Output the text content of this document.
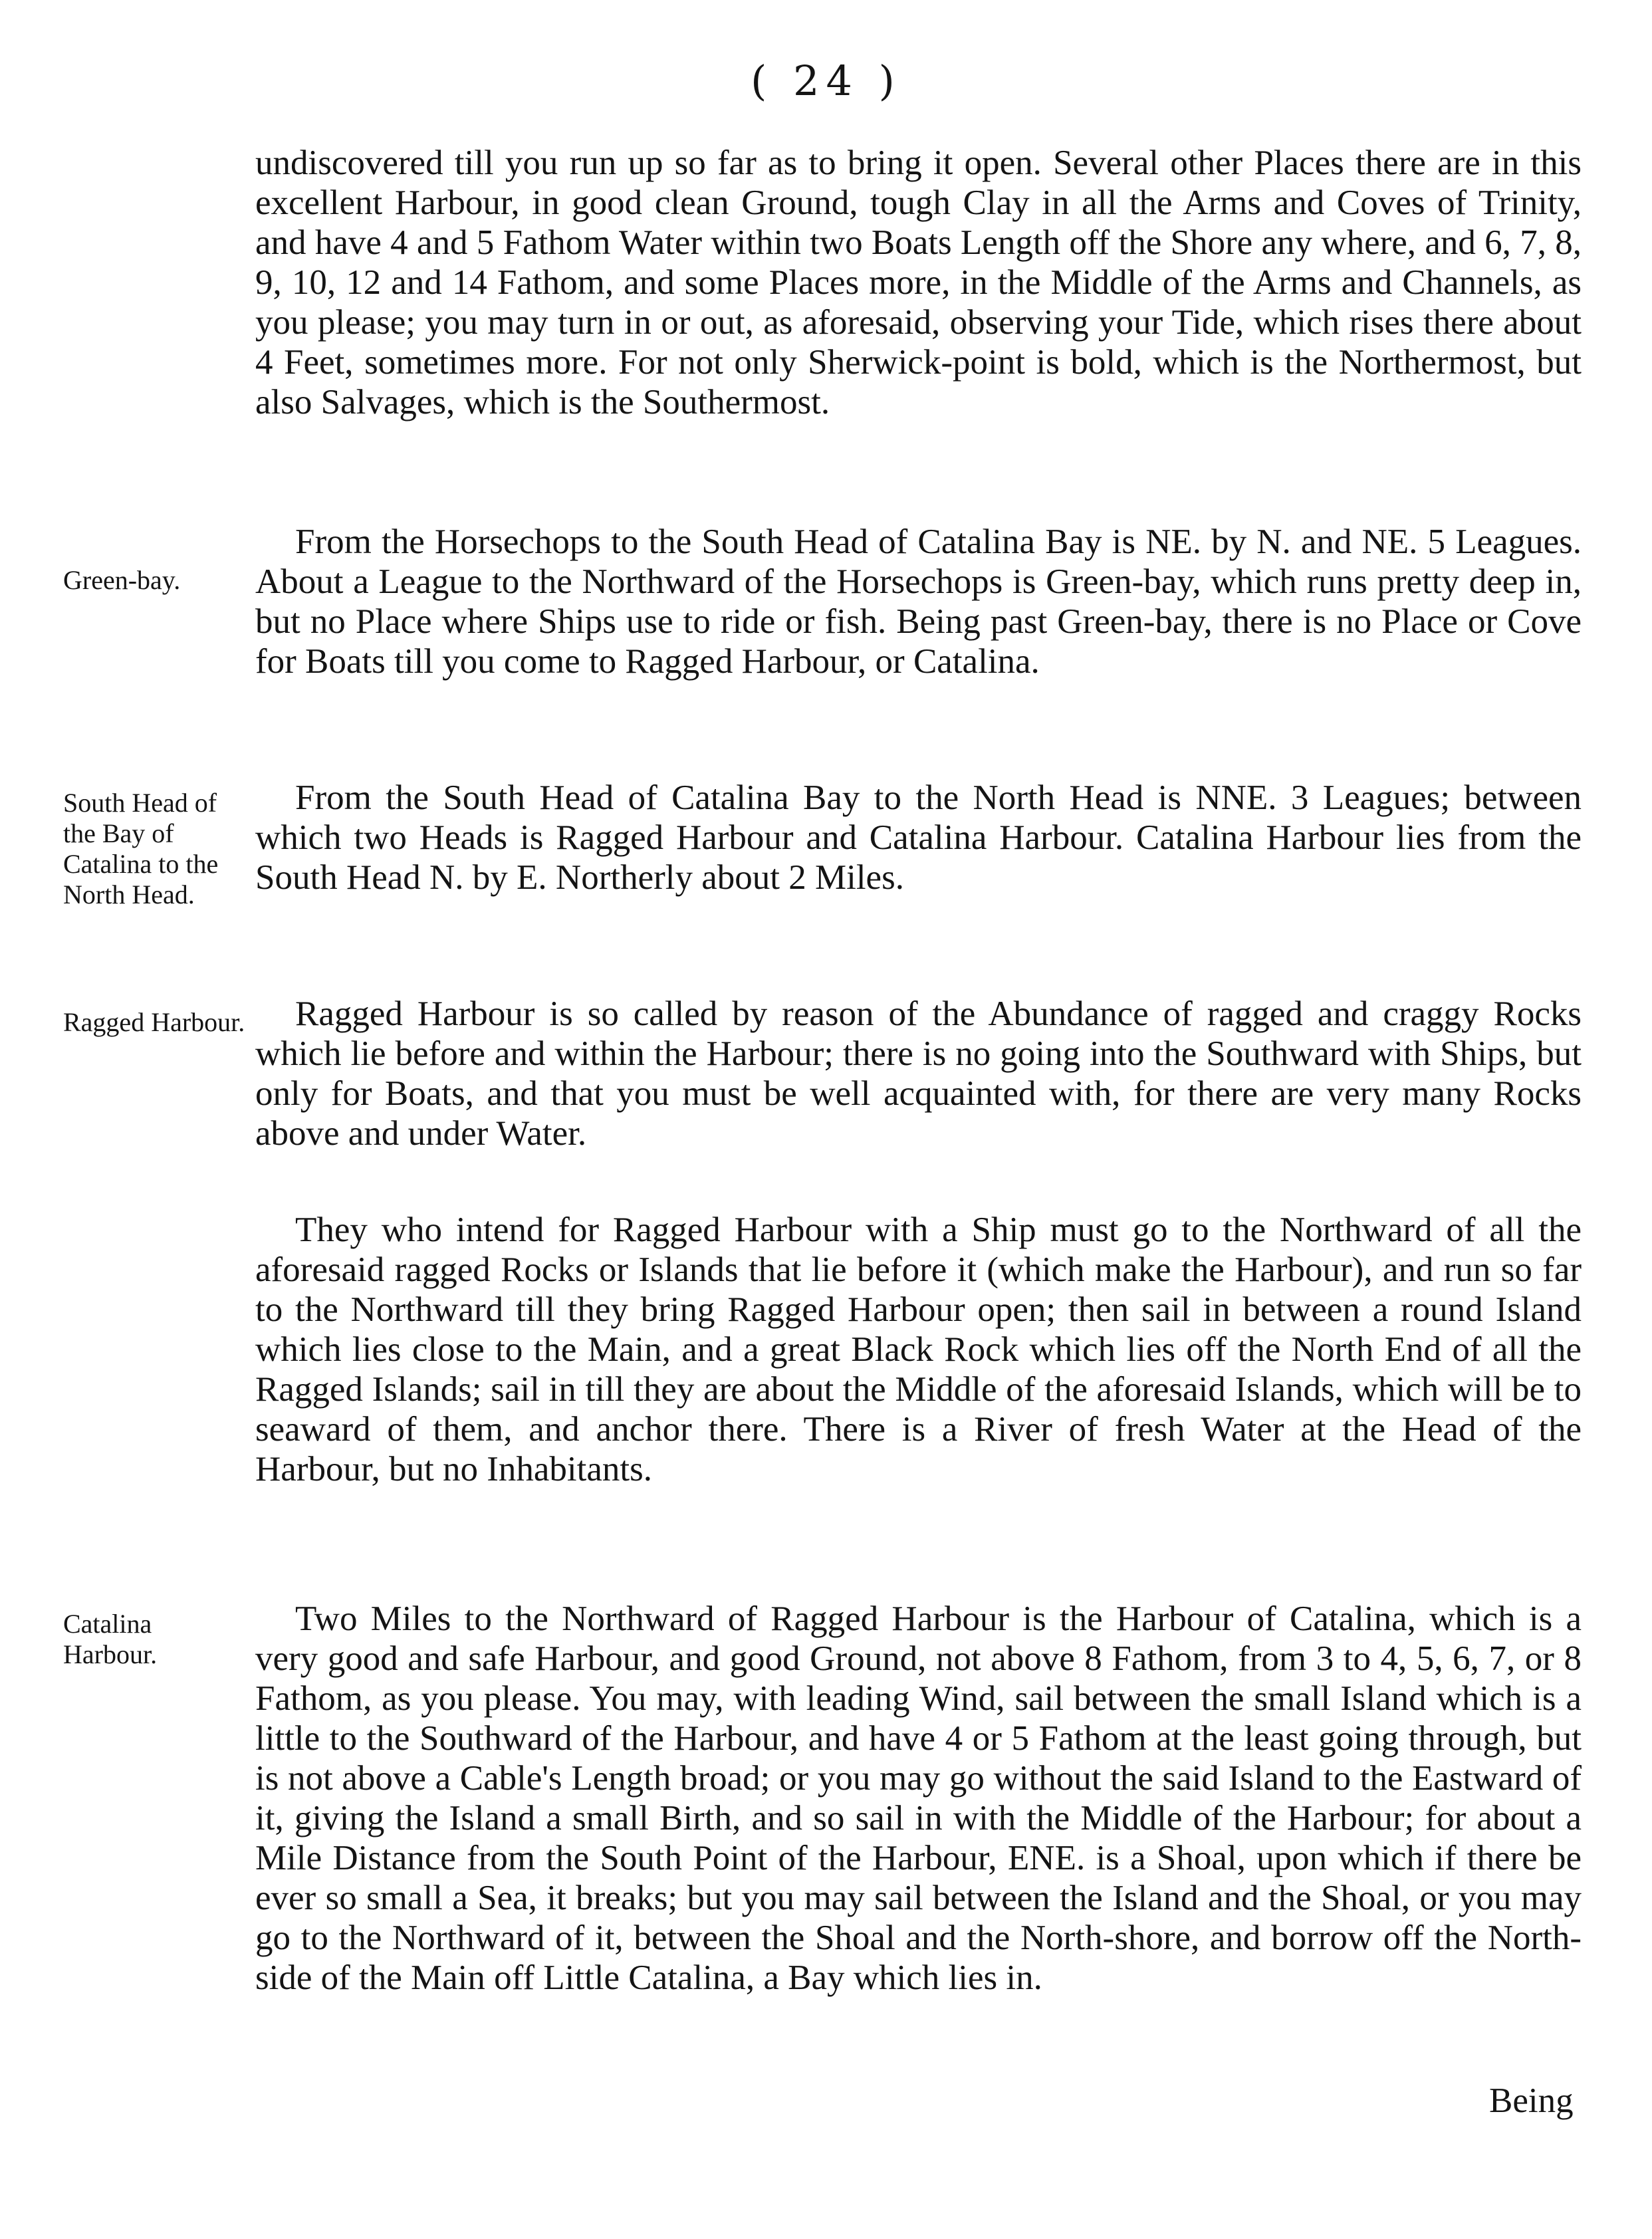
( 24 )

undiscovered till you run up so far as to bring it open. Several other Places there are in this excellent Harbour, in good clean Ground, tough Clay in all the Arms and Coves of Trinity, and have 4 and 5 Fathom Water within two Boats Length off the Shore any where, and 6, 7, 8, 9, 10, 12 and 14 Fathom, and some Places more, in the Middle of the Arms and Channels, as you please; you may turn in or out, as aforesaid, observing your Tide, which rises there about 4 Feet, sometimes more. For not only Sherwick-point is bold, which is the Northermost, but also Salvages, which is the Southermost.

Green-bay.

From the Horsechops to the South Head of Catalina Bay is NE. by N. and NE. 5 Leagues. About a League to the Northward of the Horsechops is Green-bay, which runs pretty deep in, but no Place where Ships use to ride or fish. Being past Green-bay, there is no Place or Cove for Boats till you come to Ragged Harbour, or Catalina.

South Head of the Bay of Catalina to the North Head.

From the South Head of Catalina Bay to the North Head is NNE. 3 Leagues; between which two Heads is Ragged Harbour and Catalina Harbour. Catalina Harbour lies from the South Head N. by E. Northerly about 2 Miles.

Ragged Harbour.	Ragged Harbour is so called by reason of the Abundance of ragged and craggy Rocks which lie before and within the Harbour; there is no going into the Southward with Ships, but only for Boats, and that you must be well acquainted with, for there are very many Rocks above and under Water.

They who intend for Ragged Harbour with a Ship must go to the Northward of all the aforesaid ragged Rocks or Islands that lie before it (which make the Harbour), and run so far to the Northward till they bring Ragged Harbour open; then sail in between a round Island which lies close to the Main, and a great Black Rock which lies off the North End of all the Ragged Islands; sail in till they are about the Middle of the aforesaid Islands, which will be to seaward of them, and anchor there. There is a River of fresh Water at the Head of the Harbour, but no Inhabitants.

Catalina Harbour.

Two Miles to the Northward of Ragged Harbour is the Harbour of Catalina, which is a very good and safe Harbour, and good Ground, not above 8 Fathom, from 3 to 4, 5, 6, 7, or 8 Fathom, as you please. You may, with leading Wind, sail between the small Island which is a little to the Southward of the Harbour, and have 4 or 5 Fathom at the least going through, but is not above a Cable's Length broad; or you may go without the said Island to the Eastward of it, giving the Island a small Birth, and so sail in with the Middle of the Harbour; for about a Mile Distance from the South Point of the Harbour, ENE. is a Shoal, upon which if there be ever so small a Sea, it breaks; but you may sail between the Island and the Shoal, or you may go to the Northward of it, between the Shoal and the North-shore, and borrow off the North-side of the Main off Little Catalina, a Bay which lies in.

Being
